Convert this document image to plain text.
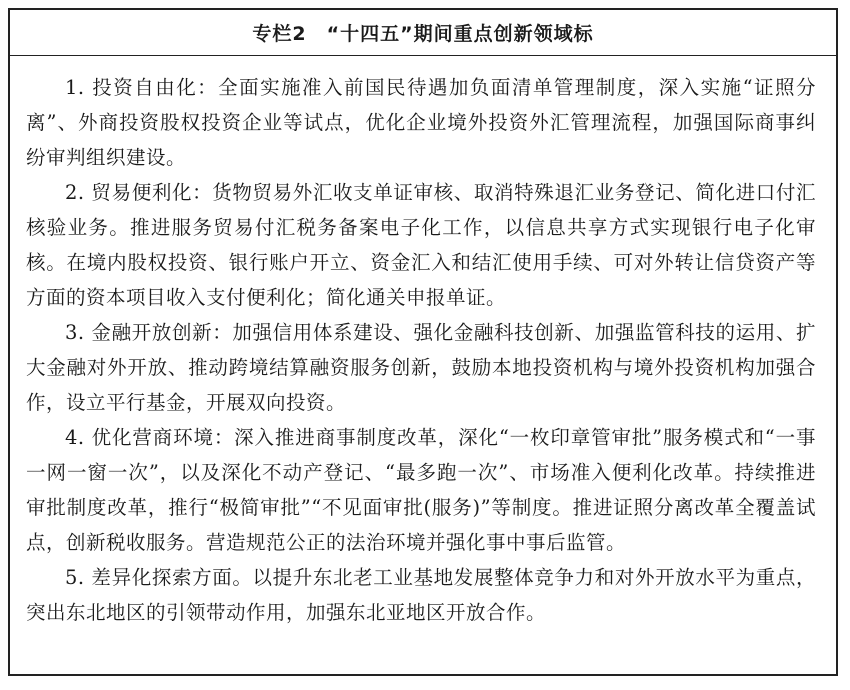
专栏2　“十四五”期间重点创新领域标

1. 投资自由化：全面实施准入前国民待遇加负面清单管理制度，深入实施“证照分离”、外商投资股权投资企业等试点，优化企业境外投资外汇管理流程，加强国际商事纠纷审判组织建设。

2. 贸易便利化：货物贸易外汇收支单证审核、取消特殊退汇业务登记、简化进口付汇核验业务。推进服务贸易付汇税务备案电子化工作，以信息共享方式实现银行电子化审核。在境内股权投资、银行账户开立、资金汇入和结汇使用手续、可对外转让信贷资产等方面的资本项目收入支付便利化；简化通关申报单证。

3. 金融开放创新：加强信用体系建设、强化金融科技创新、加强监管科技的运用、扩大金融对外开放、推动跨境结算融资服务创新，鼓励本地投资机构与境外投资机构加强合作，设立平行基金，开展双向投资。

4. 优化营商环境：深入推进商事制度改革，深化“一枚印章管审批”服务模式和“一事一网一窗一次”，以及深化不动产登记、“最多跑一次”、市场准入便利化改革。持续推进审批制度改革，推行“极简审批”“不见面审批(服务)”等制度。推进证照分离改革全覆盖试点，创新税收服务。营造规范公正的法治环境并强化事中事后监管。

5. 差异化探索方面。以提升东北老工业基地发展整体竞争力和对外开放水平为重点，突出东北地区的引领带动作用，加强东北亚地区开放合作。
